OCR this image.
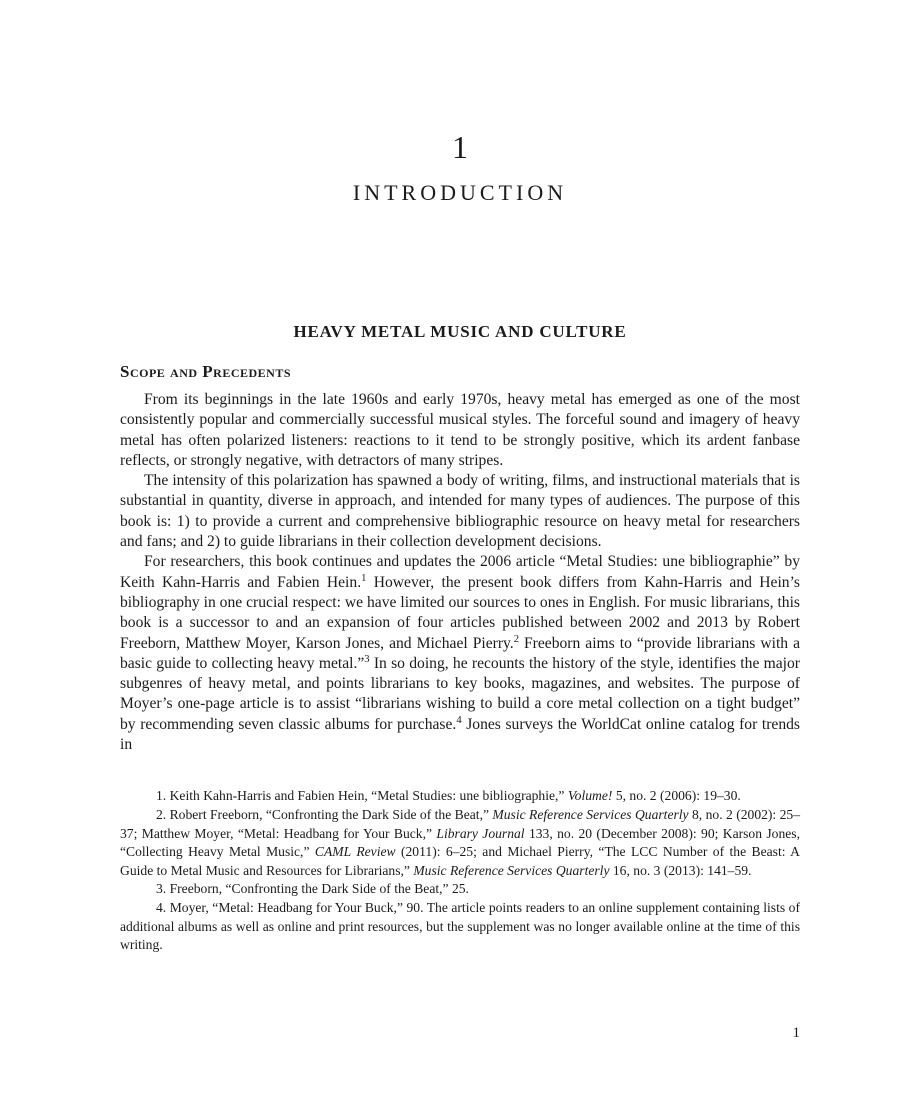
1
INTRODUCTION
HEAVY METAL MUSIC AND CULTURE
Scope and Precedents

From its beginnings in the late 1960s and early 1970s, heavy metal has emerged as one of the most consistently popular and commercially successful musical styles. The forceful sound and imagery of heavy metal has often polarized listeners: reactions to it tend to be strongly positive, which its ardent fanbase reflects, or strongly negative, with detractors of many stripes.

The intensity of this polarization has spawned a body of writing, films, and instructional materials that is substantial in quantity, diverse in approach, and intended for many types of audiences. The purpose of this book is: 1) to provide a current and comprehensive bibliographic resource on heavy metal for researchers and fans; and 2) to guide librarians in their collection development decisions.

For researchers, this book continues and updates the 2006 article “Metal Studies: une bibliographie” by Keith Kahn-Harris and Fabien Hein.$^1$ However, the present book differs from Kahn-Harris and Hein’s bibliography in one crucial respect: we have limited our sources to ones in English. For music librarians, this book is a successor to and an expansion of four articles published between 2002 and 2013 by Robert Freeborn, Matthew Moyer, Karson Jones, and Michael Pierry.$^2$ Freeborn aims to “provide librarians with a basic guide to collecting heavy metal.”$^3$ In so doing, he recounts the history of the style, identifies the major subgenres of heavy metal, and points librarians to key books, magazines, and websites. The purpose of Moyer’s one-page article is to assist “librarians wishing to build a core metal collection on a tight budget” by recommending seven classic albums for purchase.$^4$ Jones surveys the WorldCat online catalog for trends in

1. Keith Kahn-Harris and Fabien Hein, “Metal Studies: une bibliographie,” Volume! 5, no. 2 (2006): 19–30.

2. Robert Freeborn, “Confronting the Dark Side of the Beat,” Music Reference Services Quarterly 8, no. 2 (2002): 25–37; Matthew Moyer, “Metal: Headbang for Your Buck,” Library Journal 133, no. 20 (December 2008): 90; Karson Jones, “Collecting Heavy Metal Music,” CAML Review (2011): 6–25; and Michael Pierry, “The LCC Number of the Beast: A Guide to Metal Music and Resources for Librarians,” Music Reference Services Quarterly 16, no. 3 (2013): 141–59.

3. Freeborn, “Confronting the Dark Side of the Beat,” 25.

4. Moyer, “Metal: Headbang for Your Buck,” 90. The article points readers to an online supplement containing lists of additional albums as well as online and print resources, but the supplement was no longer available online at the time of this writing.

1
